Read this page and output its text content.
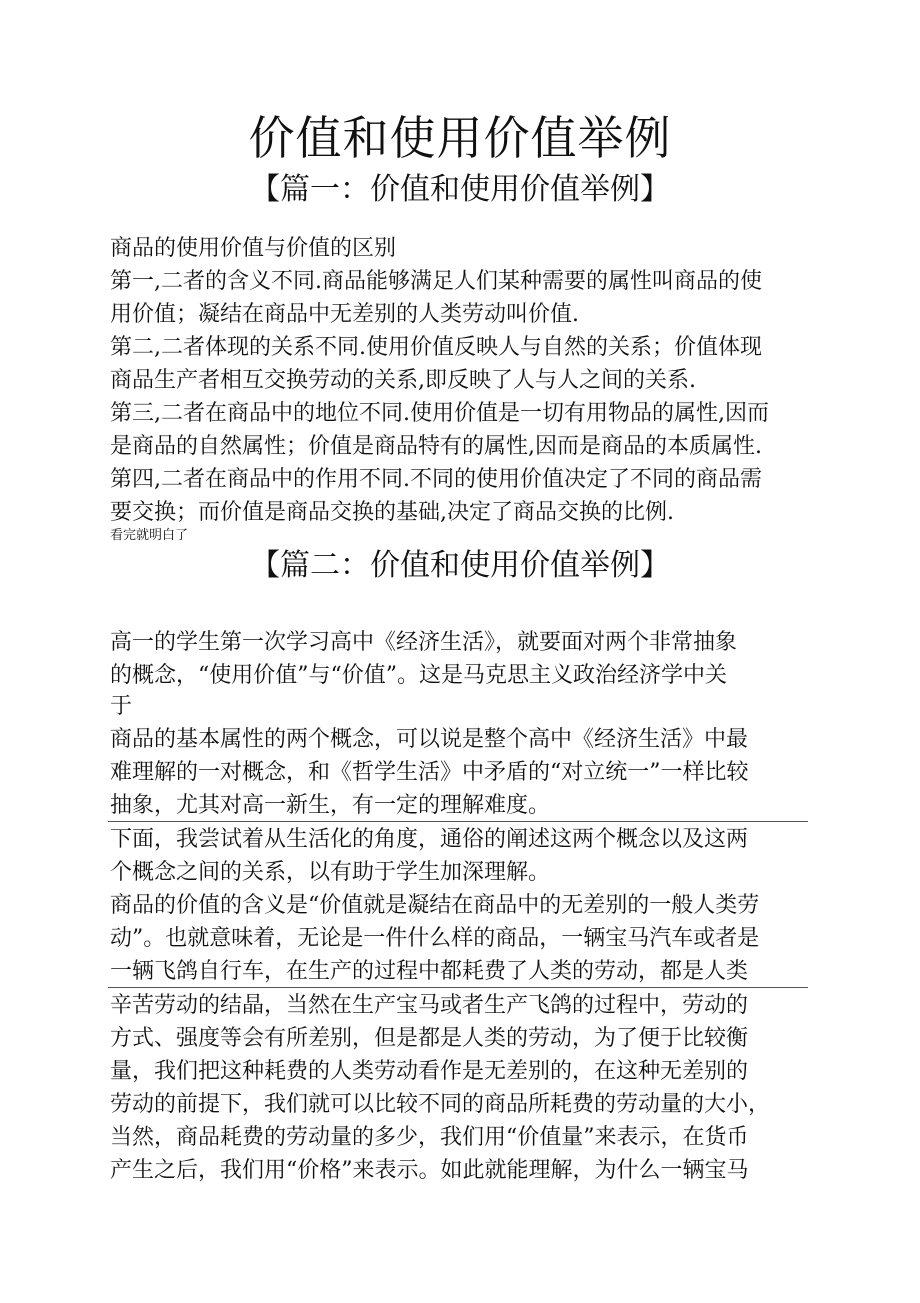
价值和使用价值举例
【篇一：价值和使用价值举例】
商品的使用价值与价值的区别
第一,二者的含义不同.商品能够满足人们某种需要的属性叫商品的使
用价值；凝结在商品中无差别的人类劳动叫价值.
第二,二者体现的关系不同.使用价值反映人与自然的关系；价值体现
商品生产者相互交换劳动的关系,即反映了人与人之间的关系.
第三,二者在商品中的地位不同.使用价值是一切有用物品的属性,因而
是商品的自然属性；价值是商品特有的属性,因而是商品的本质属性.
第四,二者在商品中的作用不同.不同的使用价值决定了不同的商品需
要交换；而价值是商品交换的基础,决定了商品交换的比例.
看完就明白了
【篇二：价值和使用价值举例】
高一的学生第一次学习高中《经济生活》，就要面对两个非常抽象
的概念，“使用价值”与“价值”。这是马克思主义政治经济学中关
于
商品的基本属性的两个概念，可以说是整个高中《经济生活》中最
难理解的一对概念，和《哲学生活》中矛盾的“对立统一”一样比较
抽象，尤其对高一新生，有一定的理解难度。
下面，我尝试着从生活化的角度，通俗的阐述这两个概念以及这两
个概念之间的关系，以有助于学生加深理解。
商品的价值的含义是“价值就是凝结在商品中的无差别的一般人类劳
动”。也就意味着，无论是一件什么样的商品，一辆宝马汽车或者是
一辆飞鸽自行车，在生产的过程中都耗费了人类的劳动，都是人类
辛苦劳动的结晶，当然在生产宝马或者生产飞鸽的过程中，劳动的
方式、强度等会有所差别，但是都是人类的劳动，为了便于比较衡
量，我们把这种耗费的人类劳动看作是无差别的，在这种无差别的
劳动的前提下，我们就可以比较不同的商品所耗费的劳动量的大小，
当然，商品耗费的劳动量的多少，我们用“价值量”来表示，在货币
产生之后，我们用“价格”来表示。如此就能理解，为什么一辆宝马
